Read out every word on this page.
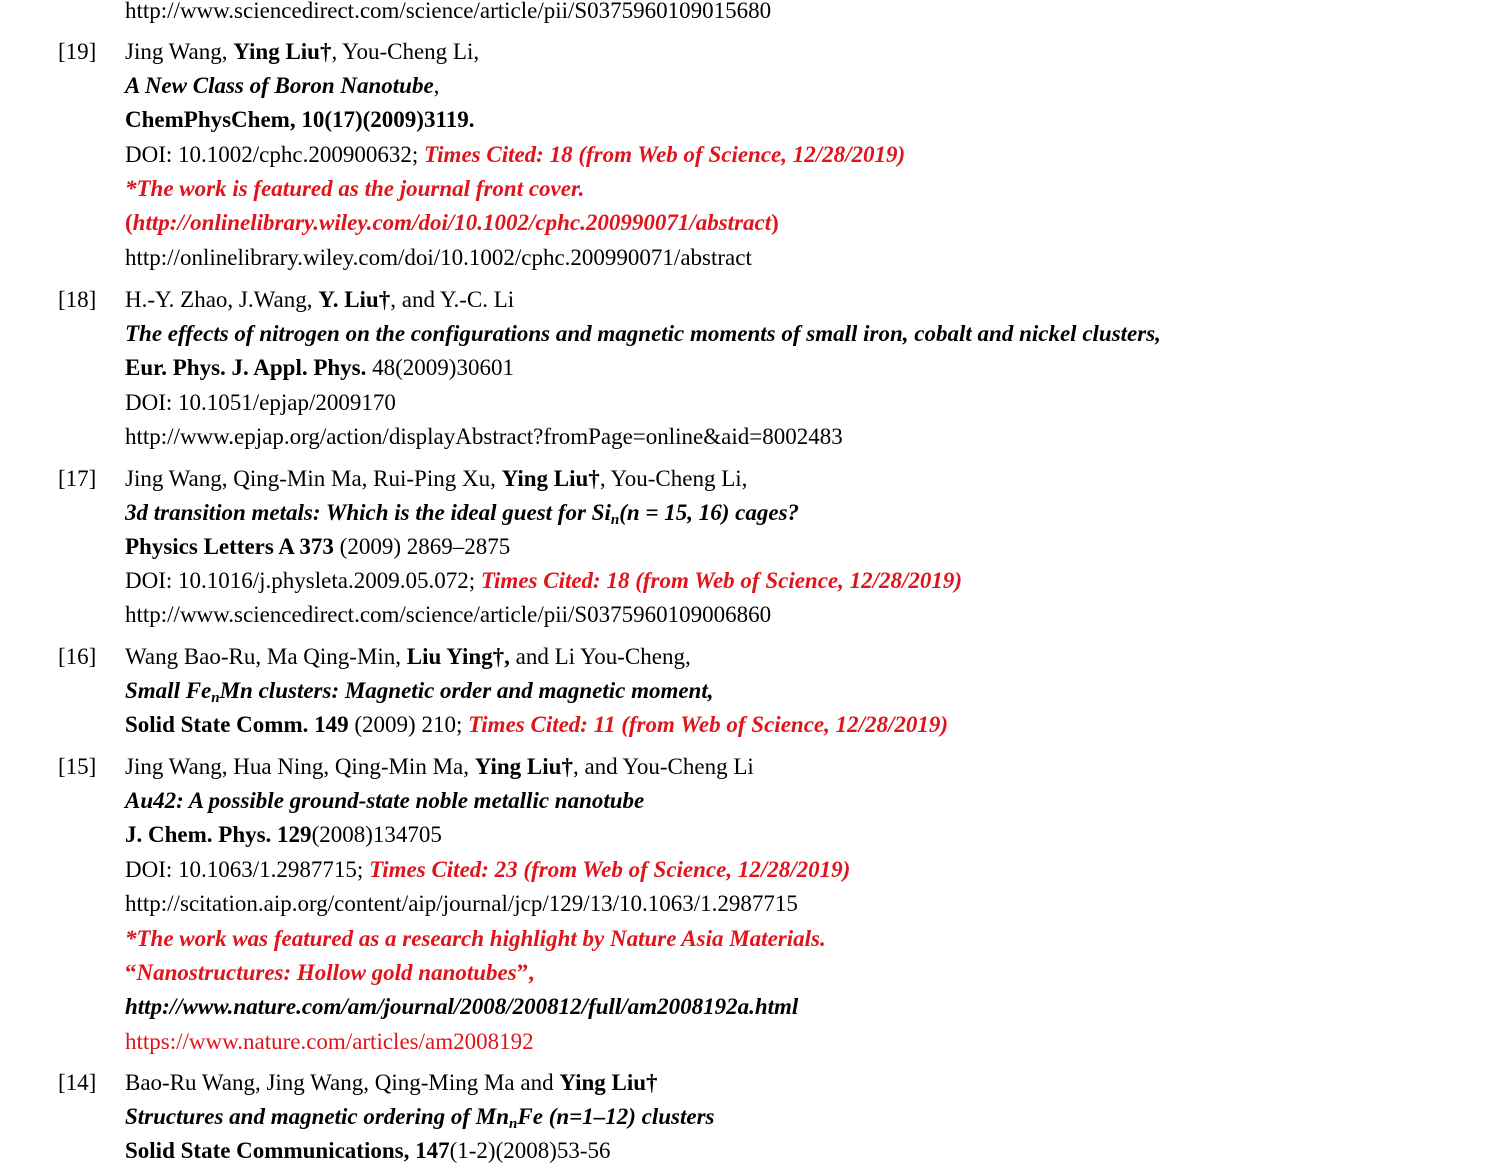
http://www.sciencedirect.com/science/article/pii/S0375960109015680
[19] Jing Wang, Ying Liu†, You-Cheng Li,
A New Class of Boron Nanotube,
ChemPhysChem, 10(17)(2009)3119.
DOI: 10.1002/cphc.200900632; Times Cited: 18 (from Web of Science, 12/28/2019)
*The work is featured as the journal front cover.
(http://onlinelibrary.wiley.com/doi/10.1002/cphc.200990071/abstract)
http://onlinelibrary.wiley.com/doi/10.1002/cphc.200990071/abstract
[18] H.-Y. Zhao, J.Wang, Y. Liu†, and Y.-C. Li
The effects of nitrogen on the configurations and magnetic moments of small iron, cobalt and nickel clusters,
Eur. Phys. J. Appl. Phys. 48(2009)30601
DOI: 10.1051/epjap/2009170
http://www.epjap.org/action/displayAbstract?fromPage=online&aid=8002483
[17] Jing Wang, Qing-Min Ma, Rui-Ping Xu, Ying Liu†, You-Cheng Li,
3d transition metals: Which is the ideal guest for $Si_n(n = 15$, 16) cages?
Physics Letters A 373 (2009) 2869–2875
DOI: 10.1016/j.physleta.2009.05.072; Times Cited: 18 (from Web of Science, 12/28/2019)
http://www.sciencedirect.com/science/article/pii/S0375960109006860
[16] Wang Bao-Ru, Ma Qing-Min, Liu Ying†, and Li You-Cheng,
Small $Fe_nMn$ clusters: Magnetic order and magnetic moment,
Solid State Comm. 149 (2009) 210; Times Cited: 11 (from Web of Science, 12/28/2019)
[15] Jing Wang, Hua Ning, Qing-Min Ma, Ying Liu†, and You-Cheng Li
Au42: A possible ground-state noble metallic nanotube
J. Chem. Phys. 129(2008)134705
DOI: 10.1063/1.2987715; Times Cited: 23 (from Web of Science, 12/28/2019)
http://scitation.aip.org/content/aip/journal/jcp/129/13/10.1063/1.2987715
*The work was featured as a research highlight by Nature Asia Materials.
“Nanostructures: Hollow gold nanotubes”,
http://www.nature.com/am/journal/2008/200812/full/am2008192a.html
https://www.nature.com/articles/am2008192
[14] Bao-Ru Wang, Jing Wang, Qing-Ming Ma and Ying Liu†
Structures and magnetic ordering of $Mn_nFe$ (n=1–12) clusters
Solid State Communications, 147(1-2)(2008)53-56
